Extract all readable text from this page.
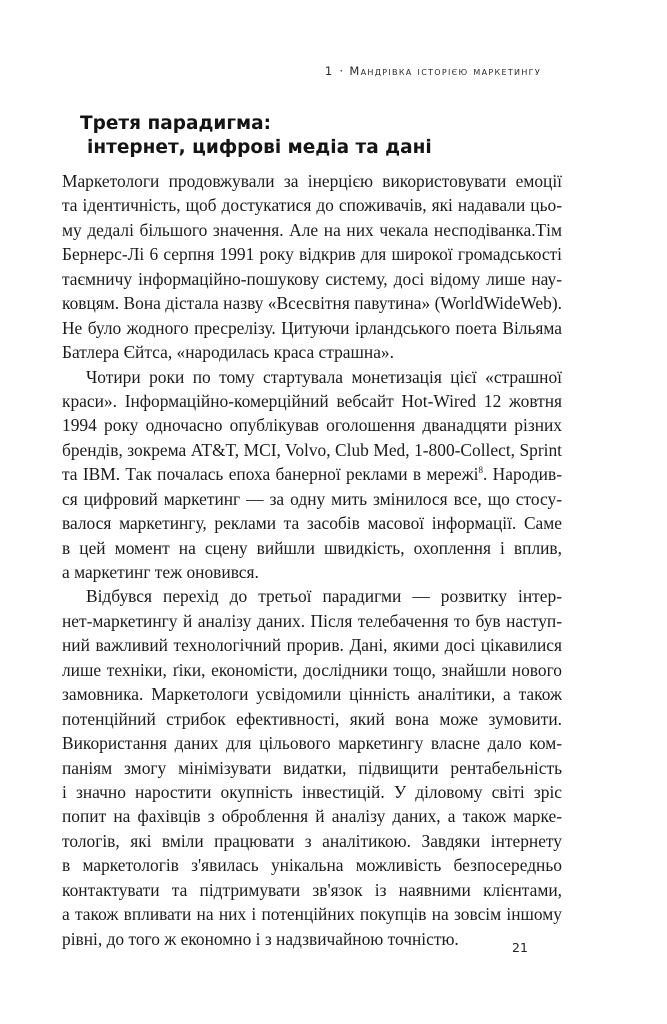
1 · Мандрівка історією маркетингу
Третя парадигма:
інтернет, цифрові медіа та дані
Маркетологи продовжували за інерцією використовувати емоції
та ідентичність, щоб достукатися до споживачів, які надавали цьо-
му дедалі більшого значення. Але на них чекала несподіванка.Тім
Бернерс-Лі 6 серпня 1991 року відкрив для широкої громадськості
таємничу інформаційно-пошукову систему, досі відому лише нау-
ковцям. Вона дістала назву «Всесвітня павутина» (WorldWideWeb).
Не було жодного пресрелізу. Цитуючи ірландського поета Вільяма
Батлера Єйтса, «народилась краса страшна».
Чотири роки по тому стартувала монетизація цієї «страшної
краси». Інформаційно-комерційний вебсайт Hot-Wired 12 жовтня
1994 року одночасно опублікував оголошення дванадцяти різних
брендів, зокрема AT&T, MCI, Volvo, Club Med, 1-800-Collect, Sprint
та IBM. Так почалась епоха банерної реклами в мережі$^8$. Народив-
ся цифровий маркетинг — за одну мить змінилося все, що стосу-
валося маркетингу, реклами та засобів масової інформації. Саме
в цей момент на сцену вийшли швидкість, охоплення і вплив,
а маркетинг теж оновився.
Відбувся перехід до третьої парадигми — розвитку інтер-
нет-маркетингу й аналізу даних. Після телебачення то був наступ-
ний важливий технологічний прорив. Дані, якими досі цікавилися
лише техніки, ґіки, економісти, дослідники тощо, знайшли нового
замовника. Маркетологи усвідомили цінність аналітики, а також
потенційний стрибок ефективності, який вона може зумовити.
Використання даних для цільового маркетингу власне дало ком-
паніям змогу мінімізувати видатки, підвищити рентабельність
і значно наростити окупність інвестицій. У діловому світі зріс
попит на фахівців з оброблення й аналізу даних, а також марке-
тологів, які вміли працювати з аналітикою. Завдяки інтернету
в маркетологів з'явилась унікальна можливість безпосередньо
контактувати та підтримувати зв'язок із наявними клієнтами,
а також впливати на них і потенційних покупців на зовсім іншому
рівні, до того ж економно і з надзвичайною точністю.	21
